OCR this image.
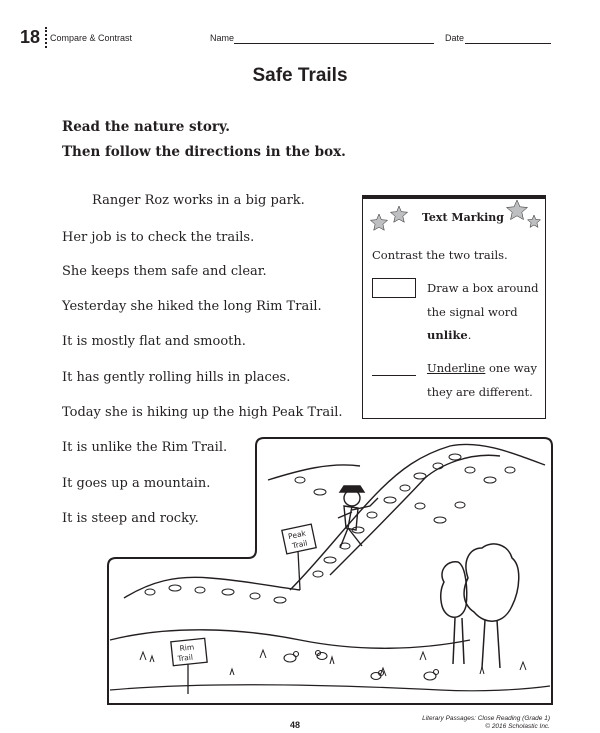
18 Compare & Contrast	Name	Date
Safe Trails
Read the nature story.
Then follow the directions in the box.
Ranger Roz works in a big park.
Her job is to check the trails.
She keeps them safe and clear.
Yesterday she hiked the long Rim Trail.
It is mostly flat and smooth.
It has gently rolling hills in places.
Today she is hiking up the high Peak Trail.
It is unlike the Rim Trail.
It goes up a mountain.
It is steep and rocky.
Text Marking
Contrast the two trails.
Draw a box around
the signal word
unlike.
Underline one way
they are different.
Peak
Trail
Rim
Trail
48
Literary Passages: Close Reading (Grade 1)
© 2016 Scholastic Inc.
